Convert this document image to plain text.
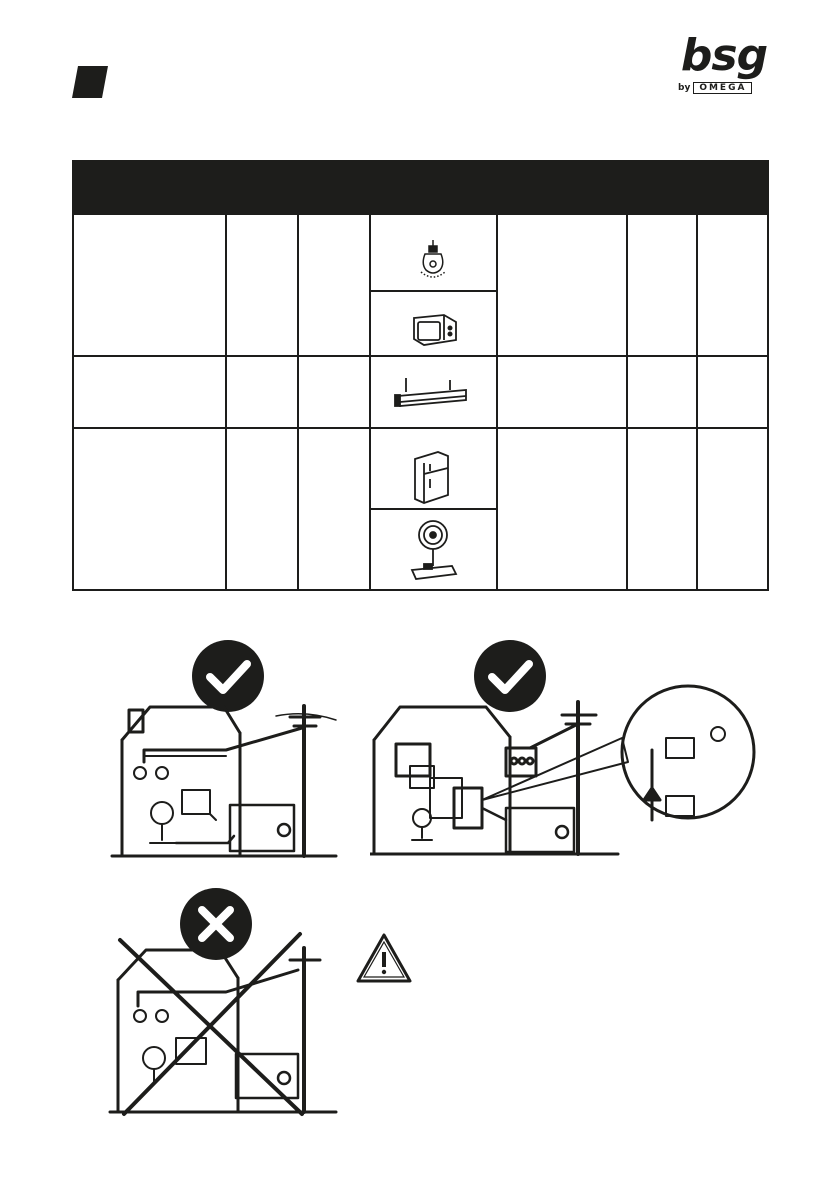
bsg
by OMEGA
